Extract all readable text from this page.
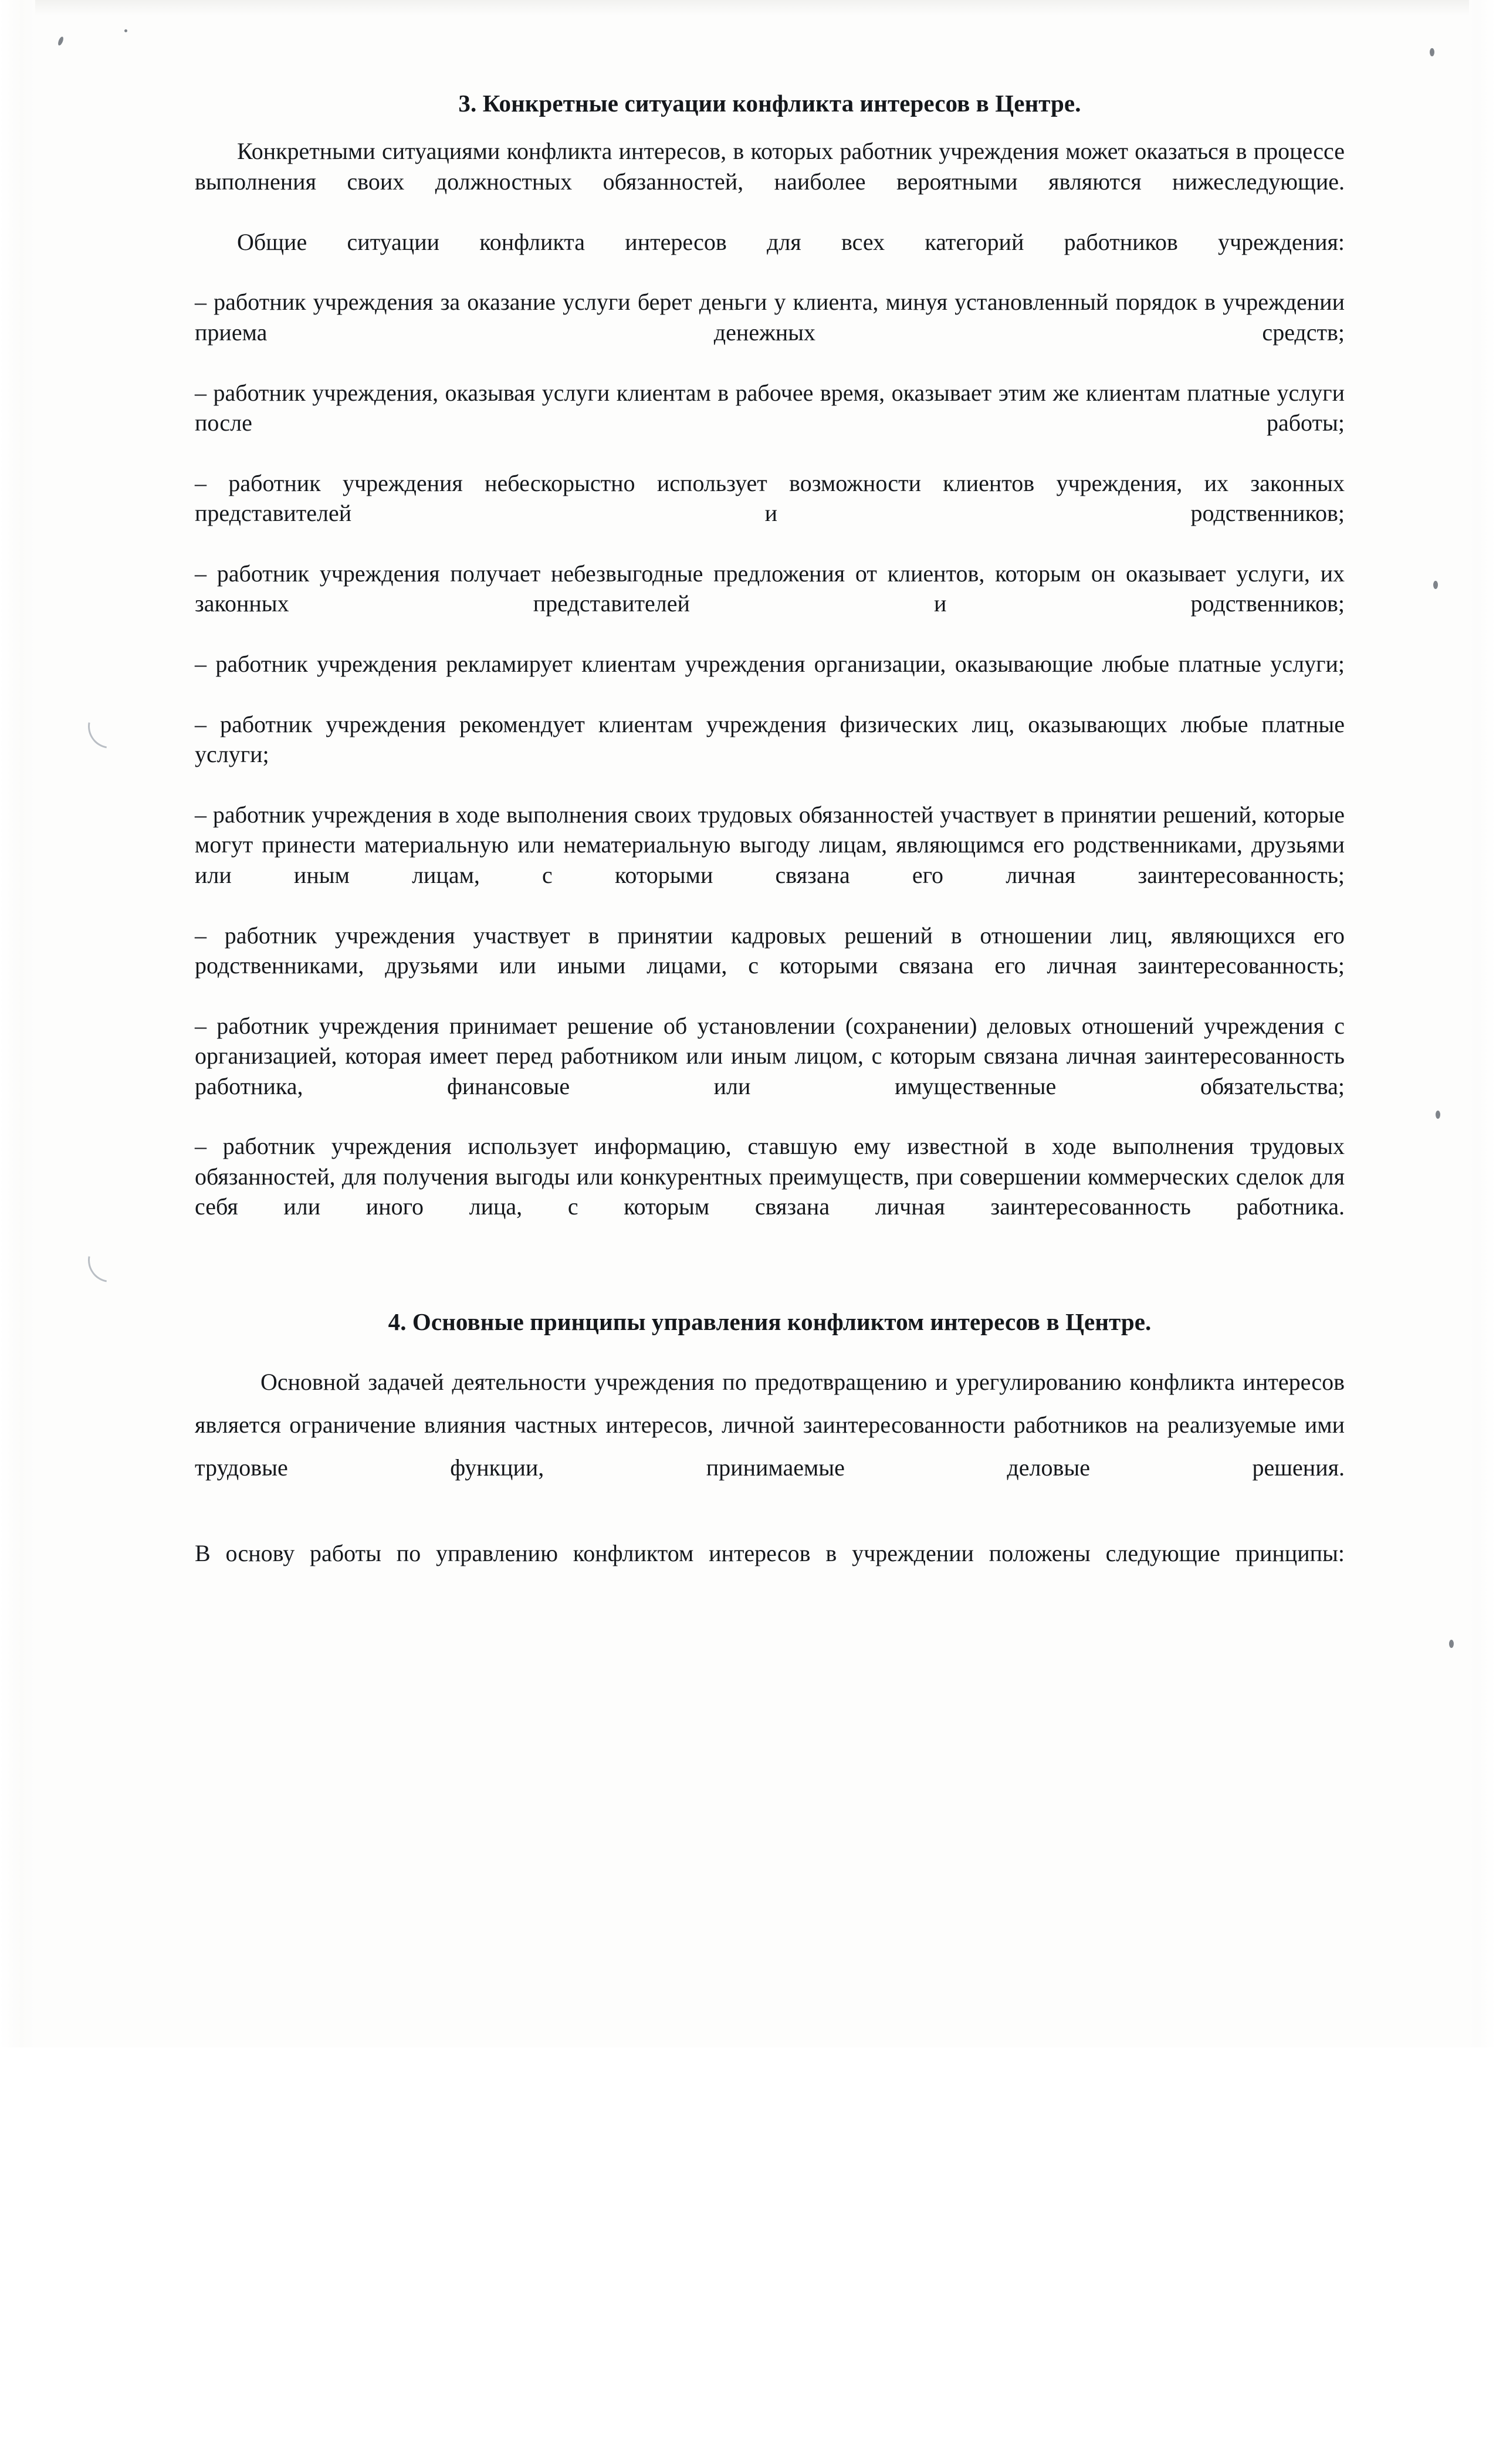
3. Конкретные ситуации конфликта интересов в Центре.

Конкретными ситуациями конфликта интересов, в которых работник учреждения может оказаться в процессе выполнения своих должностных обязанностей, наиболее вероятными являются нижеследующие.

Общие ситуации конфликта интересов для всех категорий работников учреждения:

– работник учреждения за оказание услуги берет деньги у клиента, минуя установленный порядок в учреждении приема денежных средств;

– работник учреждения, оказывая услуги клиентам в рабочее время, оказывает этим же клиентам платные услуги после работы;

– работник учреждения небескорыстно использует возможности клиентов учреждения, их законных представителей и родственников;

– работник учреждения получает небезвыгодные предложения от клиентов, которым он оказывает услуги, их законных представителей и родственников;

– работник учреждения рекламирует клиентам учреждения организации, оказывающие любые платные услуги;

– работник учреждения рекомендует клиентам учреждения физических лиц, оказывающих любые платные услуги;

– работник учреждения в ходе выполнения своих трудовых обязанностей участвует в принятии решений, которые могут принести материальную или нематериальную выгоду лицам, являющимся его родственниками, друзьями или иным лицам, с которыми связана его личная заинтересованность;

– работник учреждения участвует в принятии кадровых решений в отношении лиц, являющихся его родственниками, друзьями или иными лицами, с которыми связана его личная заинтересованность;

– работник учреждения принимает решение об установлении (сохранении) деловых отношений учреждения с организацией, которая имеет перед работником или иным лицом, с которым связана личная заинтересованность работника, финансовые или имущественные обязательства;

– работник учреждения использует информацию, ставшую ему известной в ходе выполнения трудовых обязанностей, для получения выгоды или конкурентных преимуществ, при совершении коммерческих сделок для себя или иного лица, с которым связана личная заинтересованность работника.

4. Основные принципы управления конфликтом интересов в Центре.

Основной задачей деятельности учреждения по предотвращению и урегулированию конфликта интересов является ограничение влияния частных интересов, личной заинтересованности работников на реализуемые ими трудовые функции, принимаемые деловые решения.

В основу работы по управлению конфликтом интересов в учреждении положены следующие принципы:
